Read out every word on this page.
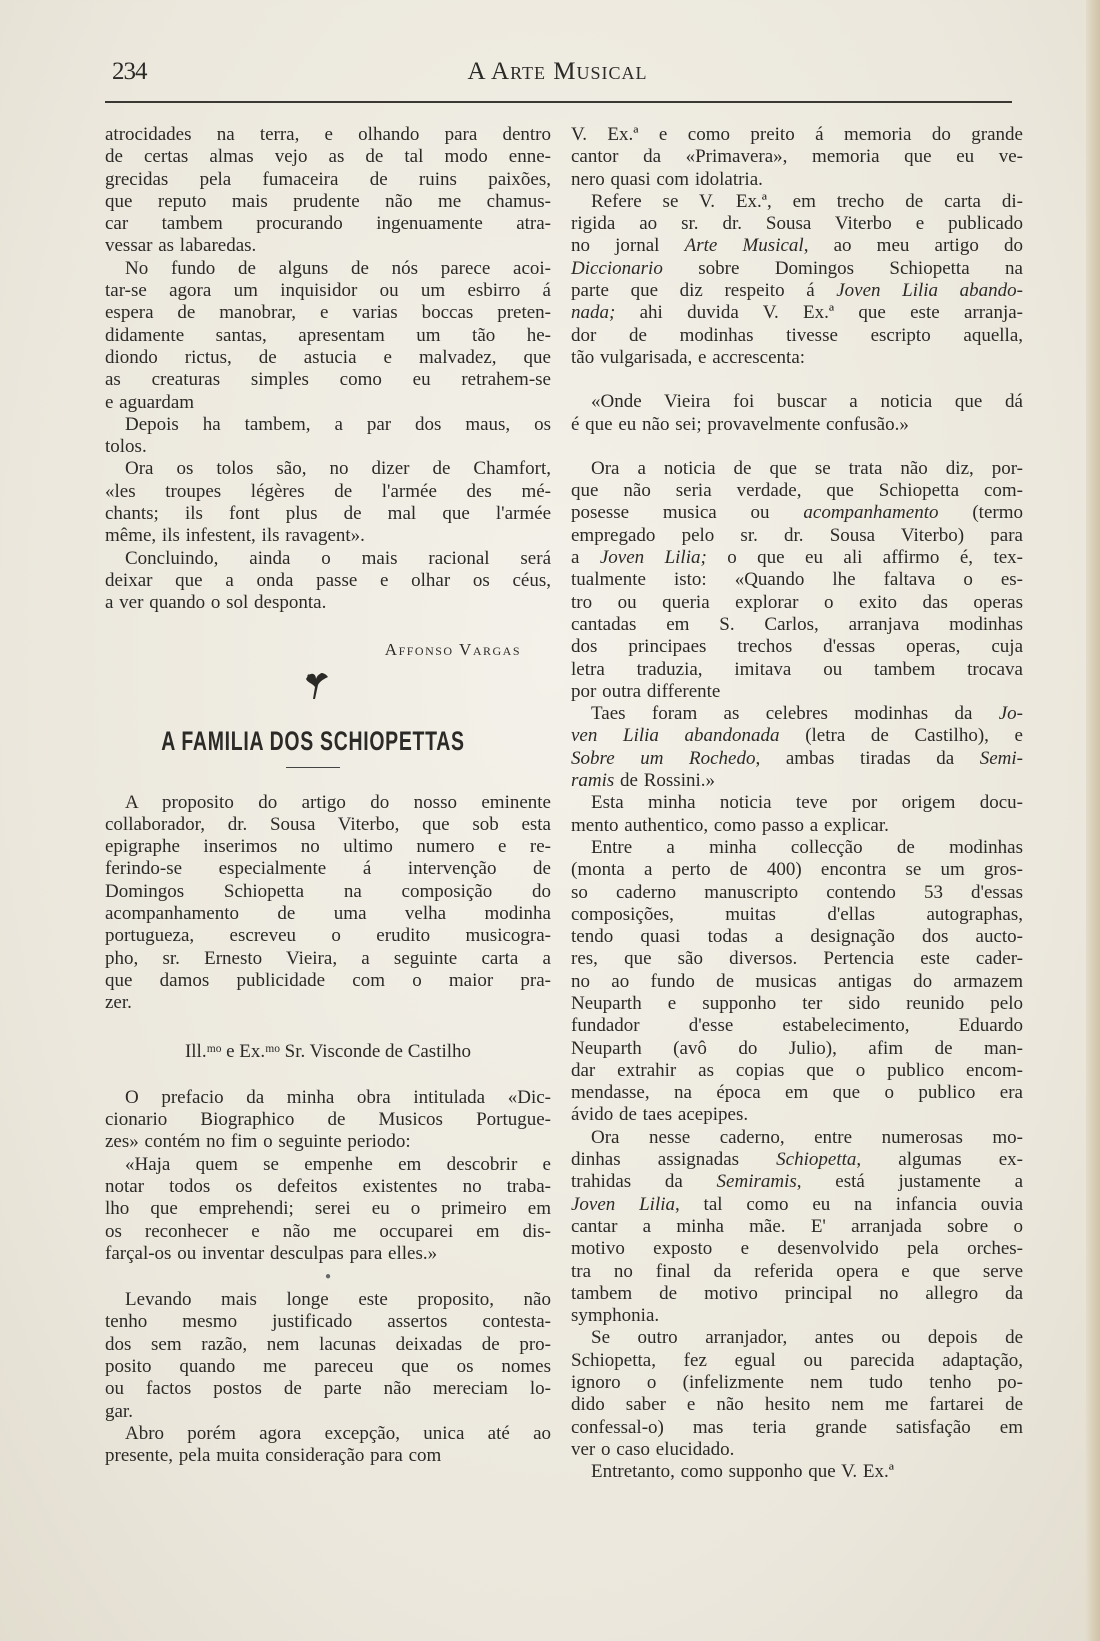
234	A Arte Musical
atrocidades na terra, e olhando para dentro
de certas almas vejo as de tal modo enne-
grecidas pela fumaceira de ruins paixões,
que reputo mais prudente não me chamus-
car tambem procurando ingenuamente atra-
vessar as labaredas.
No fundo de alguns de nós parece acoi-
tar-se agora um inquisidor ou um esbirro á
espera de manobrar, e varias boccas preten-
didamente santas, apresentam um tão he-
diondo rictus, de astucia e malvadez, que
as creaturas simples como eu retrahem-se
e aguardam
Depois ha tambem, a par dos maus, os
tolos.
Ora os tolos são, no dizer de Chamfort,
«les troupes légères de l'armée des mé-
chants; ils font plus de mal que l'armée
même, ils infestent, ils ravagent».
Concluindo, ainda o mais racional será
deixar que a onda passe e olhar os céus,
a ver quando o sol desponta.
Affonso Vargas
A FAMILIA DOS SCHIOPETTAS
A proposito do artigo do nosso eminente
collaborador, dr. Sousa Viterbo, que sob esta
epigraphe inserimos no ultimo numero e re-
ferindo-se especialmente á intervenção de
Domingos Schiopetta na composição do
acompanhamento de uma velha modinha
portugueza, escreveu o erudito musicogra-
pho, sr. Ernesto Vieira, a seguinte carta a
que damos publicidade com o maior pra-
zer.
Ill.ᵐᵒ e Ex.ᵐᵒ Sr. Visconde de Castilho
O prefacio da minha obra intitulada «Dic-
cionario Biographico de Musicos Portugue-
zes» contém no fim o seguinte periodo:
«Haja quem se empenhe em descobrir e
notar todos os defeitos existentes no traba-
lho que emprehendi; serei eu o primeiro em
os reconhecer e não me occuparei em dis-
farçal-os ou inventar desculpas para elles.»
●
Levando mais longe este proposito, não
tenho mesmo justificado assertos contesta-
dos sem razão, nem lacunas deixadas de pro-
posito quando me pareceu que os nomes
ou factos postos de parte não mereciam lo-
gar.
Abro porém agora excepção, unica até ao
presente, pela muita consideração para com
V. Ex.ª e como preito á memoria do grande
cantor da «Primavera», memoria que eu ve-
nero quasi com idolatria.
Refere se V. Ex.ª, em trecho de carta di-
rigida ao sr. dr. Sousa Viterbo e publicado
no jornal Arte Musical, ao meu artigo do
Diccionario sobre Domingos Schiopetta na
parte que diz respeito á Joven Lilia abando-
nada; ahi duvida V. Ex.ª que este arranja-
dor de modinhas tivesse escripto aquella,
tão vulgarisada, e accrescenta:
«Onde Vieira foi buscar a noticia que dá
é que eu não sei; provavelmente confusão.»
Ora a noticia de que se trata não diz, por-
que não seria verdade, que Schiopetta com-
posesse musica ou acompanhamento (termo
empregado pelo sr. dr. Sousa Viterbo) para
a Joven Lilia; o que eu ali affirmo é, tex-
tualmente isto: «Quando lhe faltava o es-
tro ou queria explorar o exito das operas
cantadas em S. Carlos, arranjava modinhas
dos principaes trechos d'essas operas, cuja
letra traduzia, imitava ou tambem trocava
por outra differente
Taes foram as celebres modinhas da Jo-
ven Lilia abandonada (letra de Castilho), e
Sobre um Rochedo, ambas tiradas da Semi-
ramis de Rossini.»
Esta minha noticia teve por origem docu-
mento authentico, como passo a explicar.
Entre a minha collecção de modinhas
(monta a perto de 400) encontra se um gros-
so caderno manuscripto contendo 53 d'essas
composições, muitas d'ellas autographas,
tendo quasi todas a designação dos aucto-
res, que são diversos. Pertencia este cader-
no ao fundo de musicas antigas do armazem
Neuparth e supponho ter sido reunido pelo
fundador d'esse estabelecimento, Eduardo
Neuparth (avô do Julio), afim de man-
dar extrahir as copias que o publico encom-
mendasse, na época em que o publico era
ávido de taes acepipes.
Ora nesse caderno, entre numerosas mo-
dinhas assignadas Schiopetta, algumas ex-
trahidas da Semiramis, está justamente a
Joven Lilia, tal como eu na infancia ouvia
cantar a minha mãe. E' arranjada sobre o
motivo exposto e desenvolvido pela orches-
tra no final da referida opera e que serve
tambem de motivo principal no allegro da
symphonia.
Se outro arranjador, antes ou depois de
Schiopetta, fez egual ou parecida adaptação,
ignoro o (infelizmente nem tudo tenho po-
dido saber e não hesito nem me fartarei de
confessal-o) mas teria grande satisfação em
ver o caso elucidado.
Entretanto, como supponho que V. Ex.ª
